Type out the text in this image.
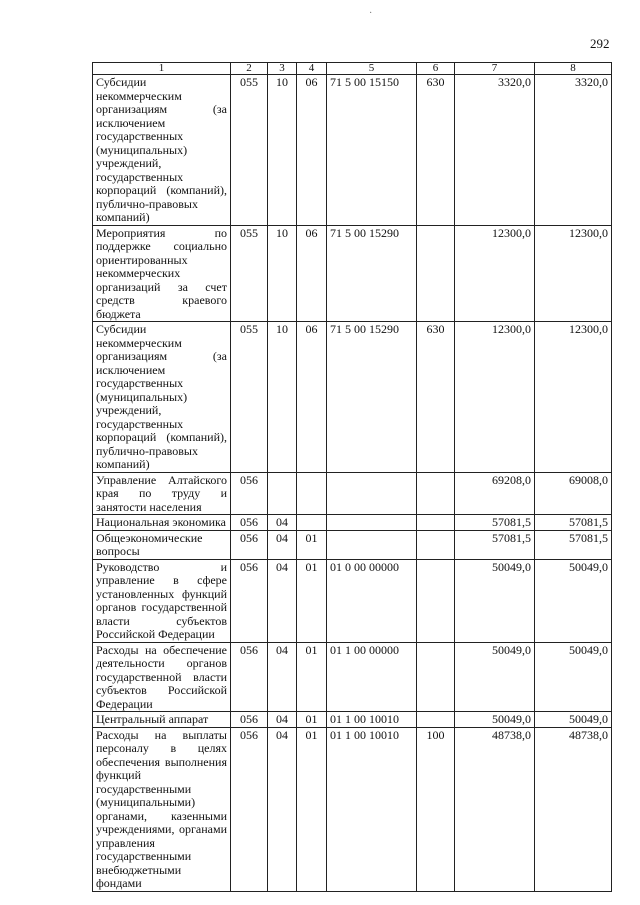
292
·
1	2	3	4	5	6	7	8
Субсидии некоммерческим организациям (за исключением государственных (муниципальных) учреждений, государственных корпораций (компаний), публично-правовых компаний)	055	10	06	71 5 00 15150	630	3320,0	3320,0
Мероприятия по поддержке социально ориентированных некоммерческих организаций за счет средств краевого бюджета	055	10	06	71 5 00 15290		12300,0	12300,0
Субсидии некоммерческим организациям (за исключением государственных (муниципальных) учреждений, государственных корпораций (компаний), публично-правовых компаний)	055	10	06	71 5 00 15290	630	12300,0	12300,0
Управление Алтайского края по труду и занятости населения	056					69208,0	69008,0
Национальная экономика	056	04				57081,5	57081,5
Общеэкономические вопросы	056	04	01			57081,5	57081,5
Руководство и управление в сфере установленных функций органов государственной власти субъектов Российской Федерации	056	04	01	01 0 00 00000		50049,0	50049,0
Расходы на обеспечение деятельности органов государственной власти субъектов Российской Федерации	056	04	01	01 1 00 00000		50049,0	50049,0
Центральный аппарат	056	04	01	01 1 00 10010		50049,0	50049,0
Расходы на выплаты персоналу в целях обеспечения выполнения функций государственными (муниципальными) органами, казенными учреждениями, органами управления государственными внебюджетными фондами	056	04	01	01 1 00 10010	100	48738,0	48738,0
